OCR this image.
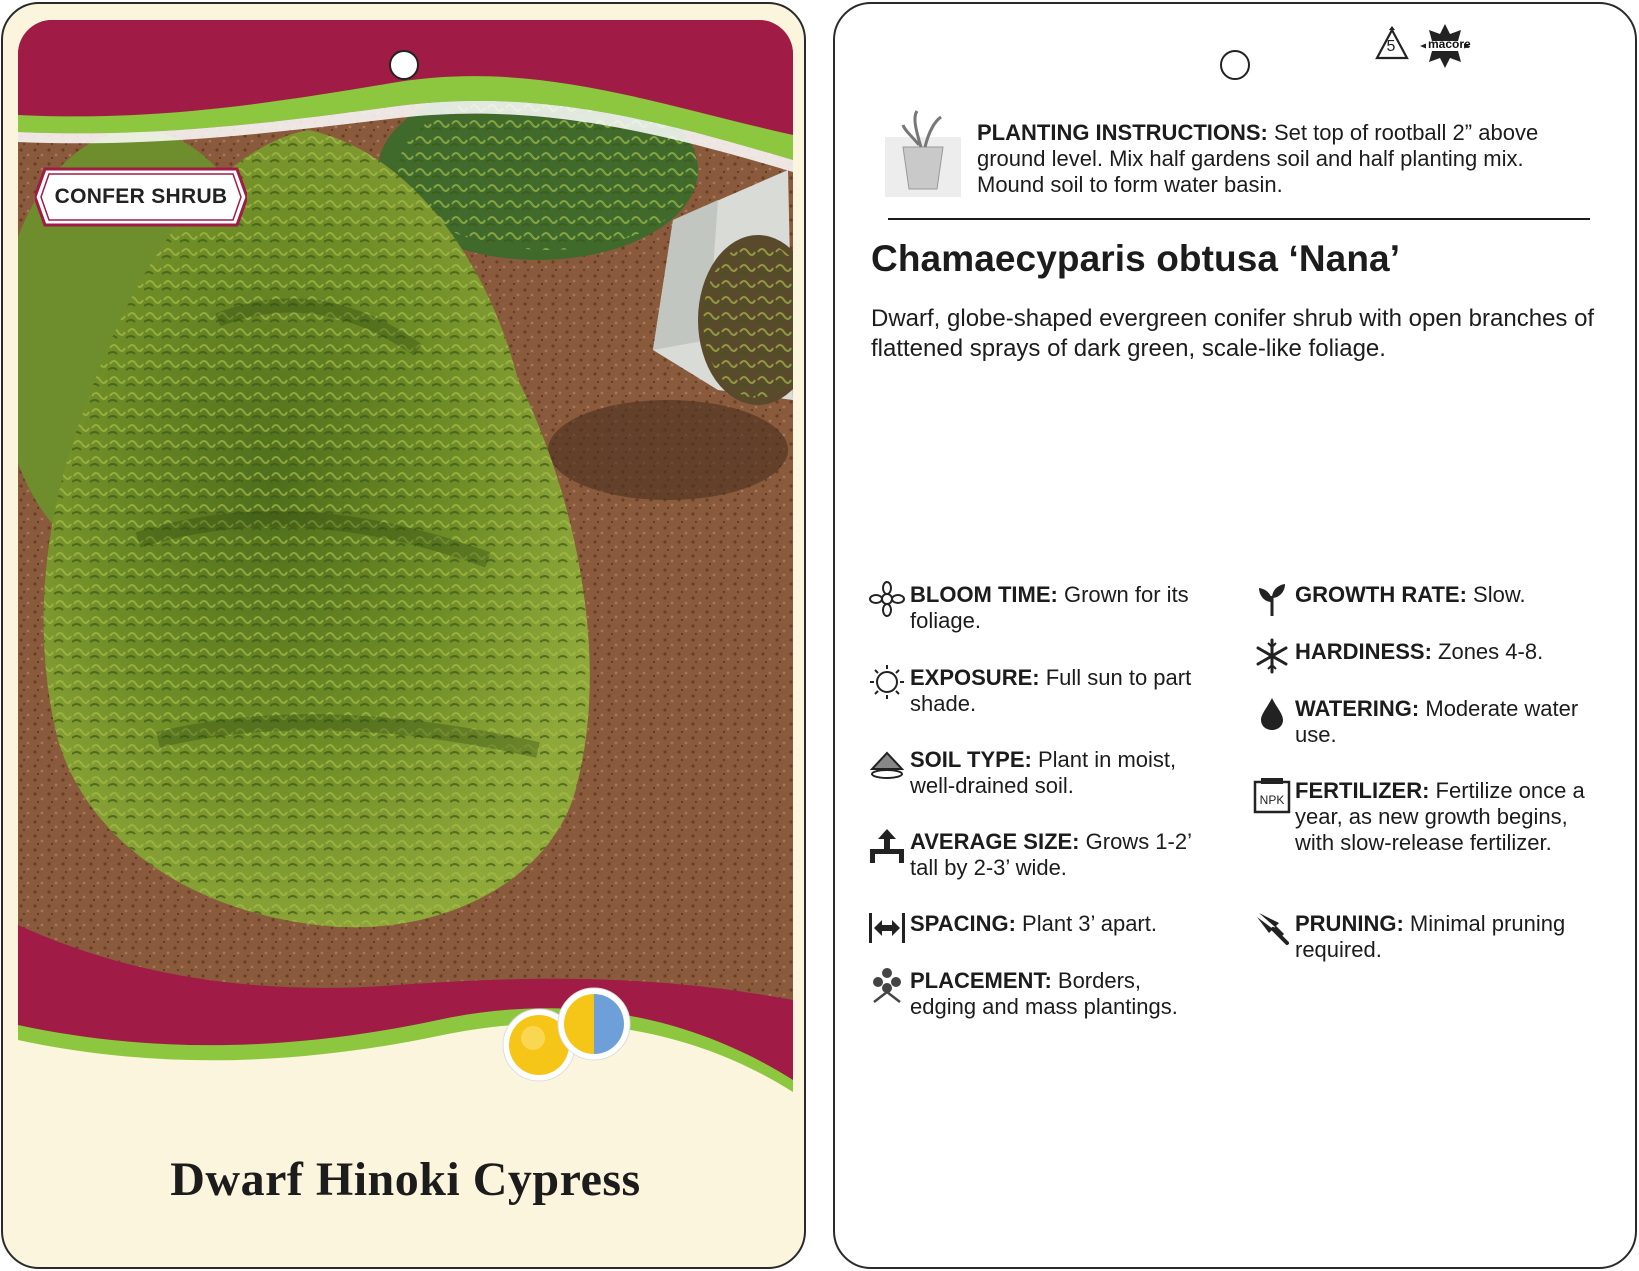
CONFER SHRUB
Dwarf Hinoki Cypress
5	macore
PLANTING INSTRUCTIONS: Set top of rootball 2” above ground level. Mix half gardens soil and half planting mix. Mound soil to form water basin.
Chamaecyparis obtusa ‘Nana’
Dwarf, globe-shaped evergreen conifer shrub with open branches of flattened sprays of dark green, scale-like foliage.
BLOOM TIME: Grown for its foliage.
EXPOSURE: Full sun to part shade.
SOIL TYPE: Plant in moist, well-drained soil.
AVERAGE SIZE: Grows 1-2’ tall by 2-3’ wide.
SPACING: Plant 3’ apart.
PLACEMENT: Borders, edging and mass plantings.
GROWTH RATE: Slow.
HARDINESS: Zones 4-8.
WATERING: Moderate water use.
NPK FERTILIZER: Fertilize once a year, as new growth begins, with slow-release fertilizer.
PRUNING: Minimal pruning required.
